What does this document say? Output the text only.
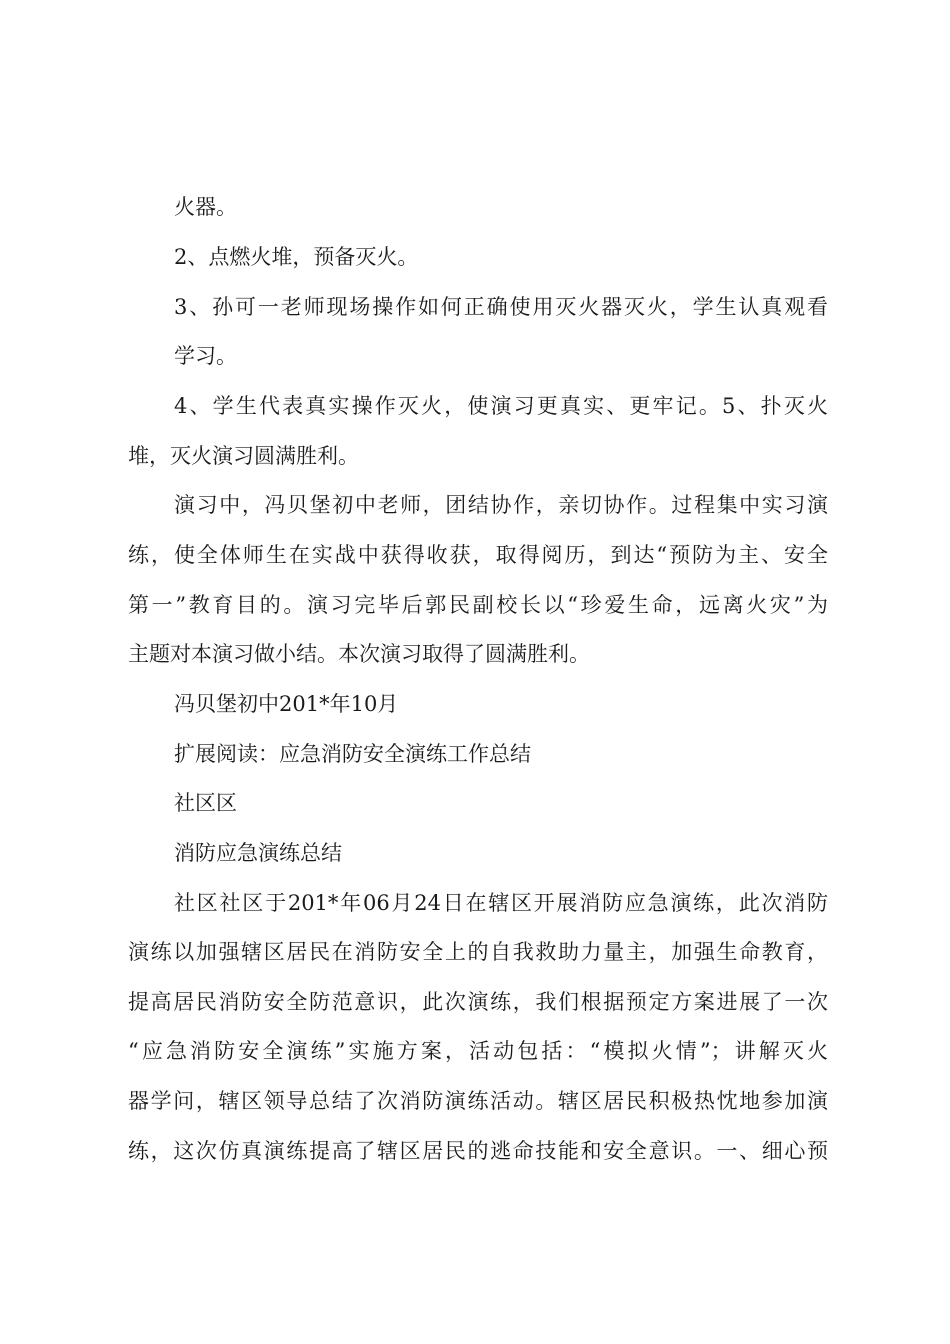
火器。
2、点燃火堆，预备灭火。
3、孙可一老师现场操作如何正确使用灭火器灭火，学生认真观看
学习。
4、学生代表真实操作灭火，使演习更真实、更牢记。5、扑灭火
堆，灭火演习圆满胜利。
演习中，冯贝堡初中老师，团结协作，亲切协作。过程集中实习演
练，使全体师生在实战中获得收获，取得阅历，到达“预防为主、安全
第一”教育目的。演习完毕后郭民副校长以“珍爱生命，远离火灾”为
主题对本演习做小结。本次演习取得了圆满胜利。
冯贝堡初中201*年10月
扩展阅读：应急消防安全演练工作总结
社区区
消防应急演练总结
社区社区于201*年06月24日在辖区开展消防应急演练，此次消防
演练以加强辖区居民在消防安全上的自我救助力量主，加强生命教育，
提高居民消防安全防范意识，此次演练，我们根据预定方案进展了一次
“应急消防安全演练”实施方案，活动包括：“模拟火情”；讲解灭火
器学问，辖区领导总结了次消防演练活动。辖区居民积极热忱地参加演
练，这次仿真演练提高了辖区居民的逃命技能和安全意识。一、细心预
